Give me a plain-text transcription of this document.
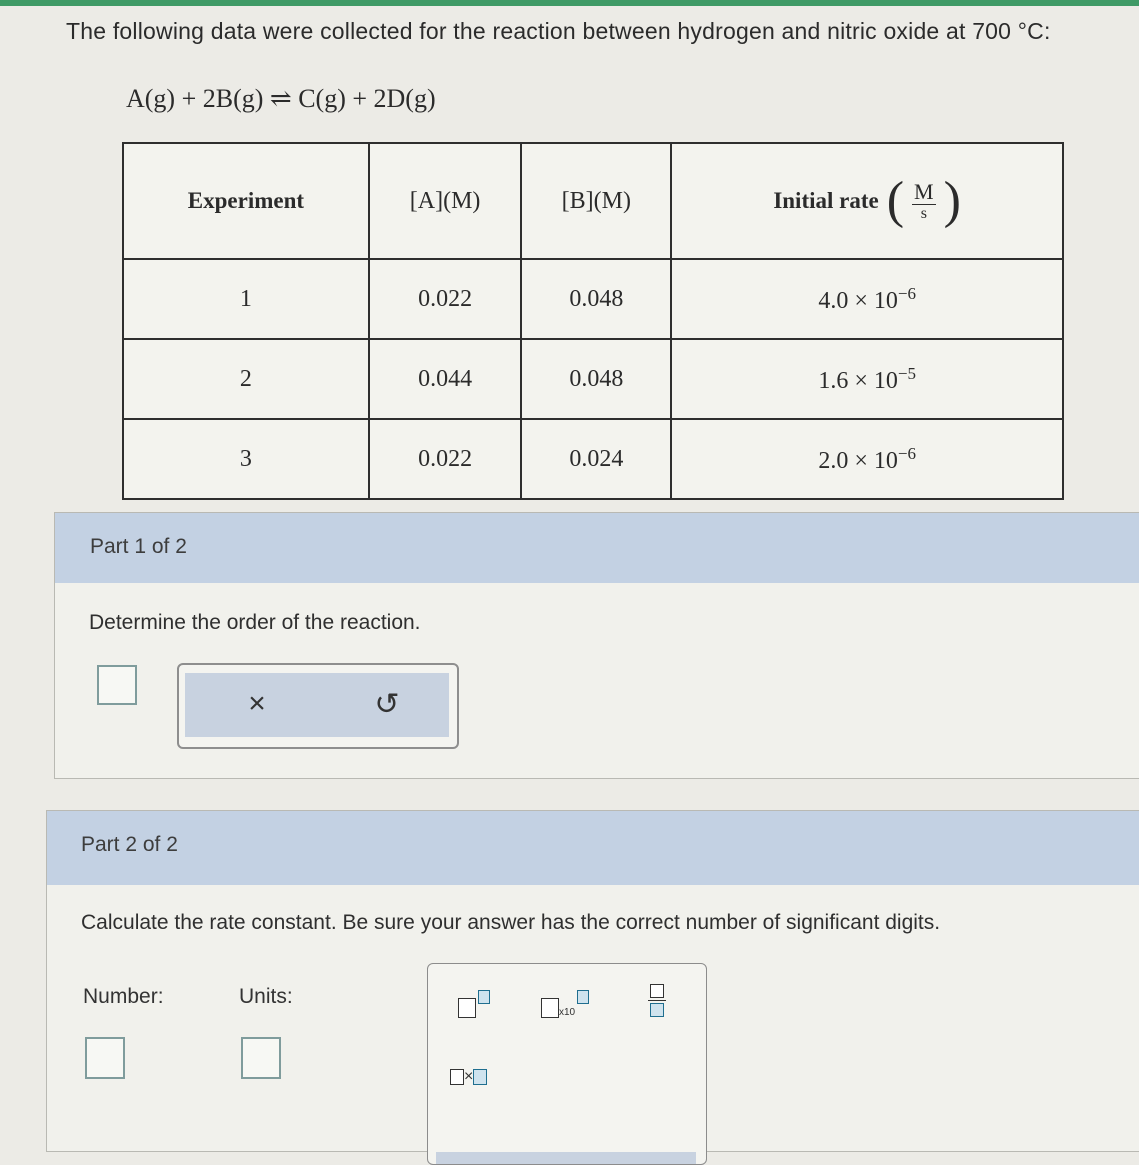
The following data were collected for the reaction between hydrogen and nitric oxide at 700 °C:
A(g) + 2B(g) ⇌ C(g) + 2D(g)
Experiment	[A](M)	[B](M)	Initial rate ( $\frac{M}{s}$ )

1	0.022	0.048	$4.0 \times 10^{-6}$
2	0.044	0.048	$1.6 \times 10^{-5}$
3	0.022	0.024	$2.0 \times 10^{-6}$
Part 1 of 2
Determine the order of the reaction.
×	↺
Part 2 of 2
Calculate the rate constant. Be sure your answer has the correct number of significant digits.
Number:	Units:
x10
×
